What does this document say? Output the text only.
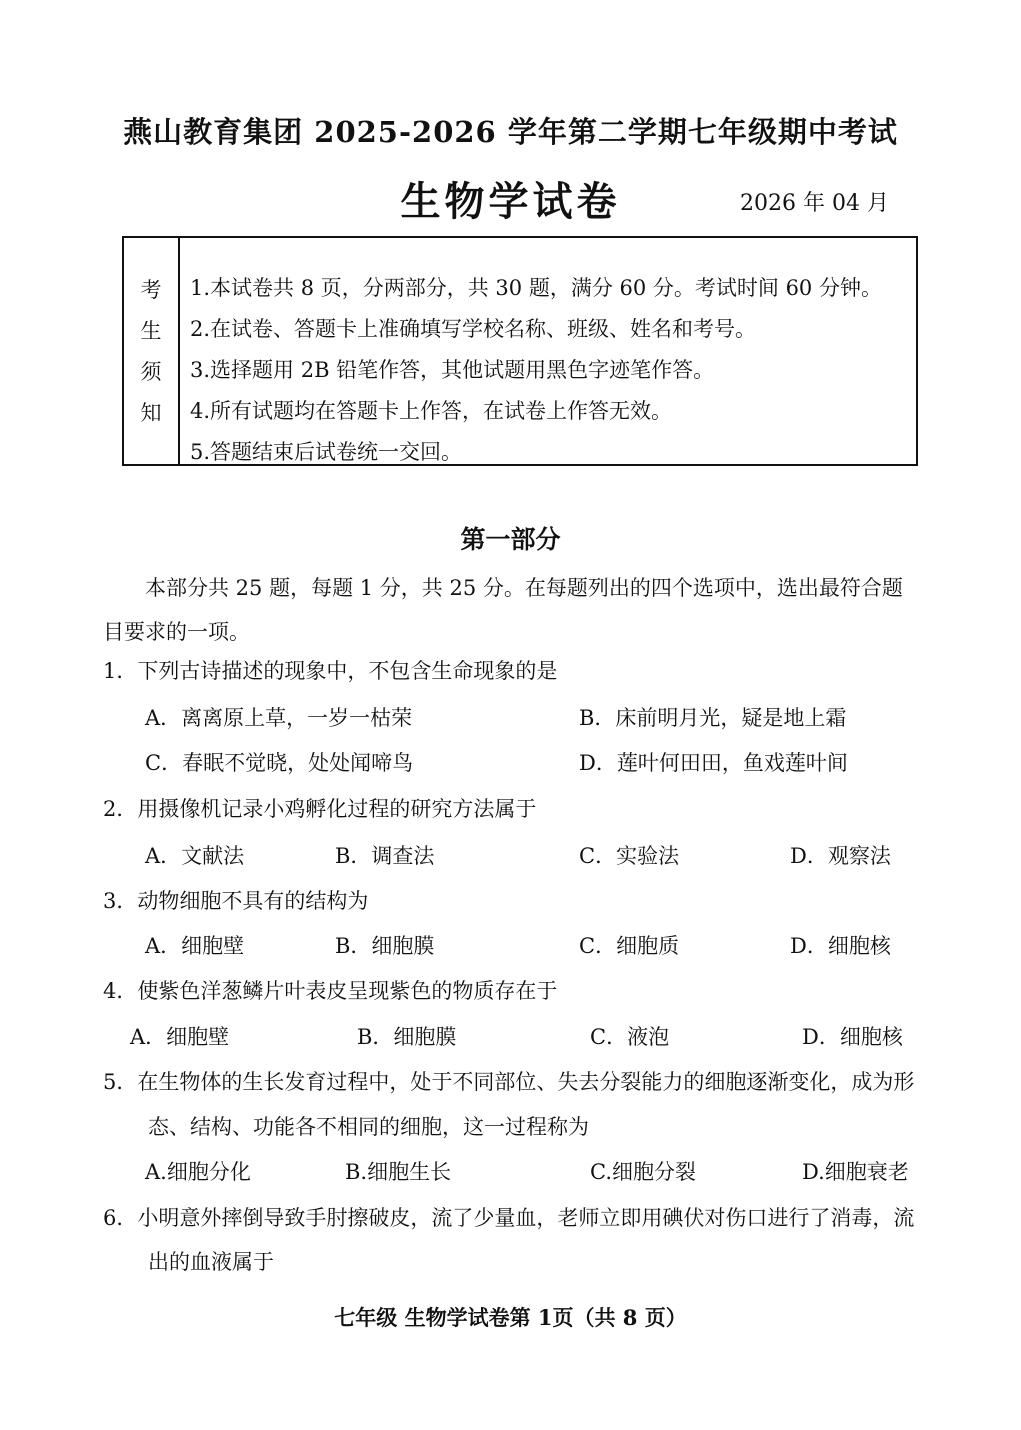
燕山教育集团 2025-2026 学年第二学期七年级期中考试
生物学试卷	2026 年 04 月
考
生
须
知
1.本试卷共 8 页，分两部分，共 30 题，满分 60 分。考试时间 60 分钟。
2.在试卷、答题卡上准确填写学校名称、班级、姓名和考号。
3.选择题用 2B 铅笔作答，其他试题用黑色字迹笔作答。
4.所有试题均在答题卡上作答，在试卷上作答无效。
5.答题结束后试卷统一交回。
第一部分
本部分共 25 题，每题 1 分，共 25 分。在每题列出的四个选项中，选出最符合题目要求的一项。
1．下列古诗描述的现象中，不包含生命现象的是
A．离离原上草，一岁一枯荣	B．床前明月光，疑是地上霜
C．春眠不觉晓，处处闻啼鸟	D．莲叶何田田，鱼戏莲叶间
2．用摄像机记录小鸡孵化过程的研究方法属于
A．文献法	B．调查法	C．实验法	D．观察法
3．动物细胞不具有的结构为
A．细胞壁	B．细胞膜	C．细胞质	D．细胞核
4．使紫色洋葱鳞片叶表皮呈现紫色的物质存在于
A．细胞壁	B．细胞膜	C．液泡	D．细胞核
5．在生物体的生长发育过程中，处于不同部位、失去分裂能力的细胞逐渐变化，成为形
态、结构、功能各不相同的细胞，这一过程称为
A.细胞分化	B.细胞生长	C.细胞分裂	D.细胞衰老
6．小明意外摔倒导致手肘擦破皮，流了少量血，老师立即用碘伏对伤口进行了消毒，流
出的血液属于
七年级 生物学试卷第 1页（共 8 页）
